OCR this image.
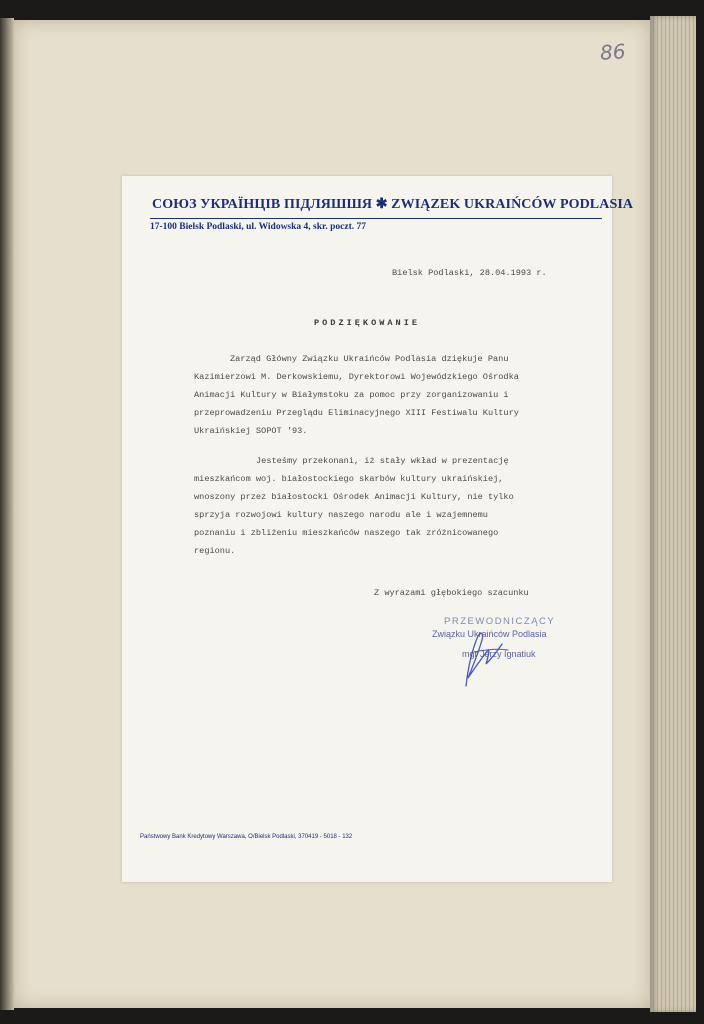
86
СОЮЗ УКРАЇНЦІВ ПІДЛЯШШЯ ✱ ZWIĄZEK UKRAIŃCÓW PODLASIA
17-100 Bielsk Podlaski, ul. Widowska 4, skr. poczt. 77
Bielsk Podlaski, 28.04.1993 r.
PODZIĘKOWANIE
Zarząd Główny Związku Ukraińców Podlasia dziękuje Panu
Kazimierzowi M. Derkowskiemu, Dyrektorowi Wojewódzkiego Ośrodka
Animacji Kultury w Białymstoku za pomoc przy zorganizowaniu i
przeprowadzeniu Przeglądu Eliminacyjnego XIII Festiwalu Kultury
Ukraińskiej SOPOT '93.
Jesteśmy przekonani, iż stały wkład w prezentację
mieszkańcom woj. białostockiego skarbów kultury ukraińskiej,
wnoszony przez białostocki Ośrodek Animacji Kultury, nie tylko
sprzyja rozwojowi kultury naszego narodu ale i wzajemnemu
poznaniu i zbliżeniu mieszkańców naszego tak zróżnicowanego
regionu.
Z wyrazami głębokiego szacunku
PRZEWODNICZĄCY
Związku Ukraińców Podlasia
mgr Jerzy Ignatiuk
Państwowy Bank Kredytowy Warszawa, O/Bielsk Podlaski, 370419 - 5018 - 132
